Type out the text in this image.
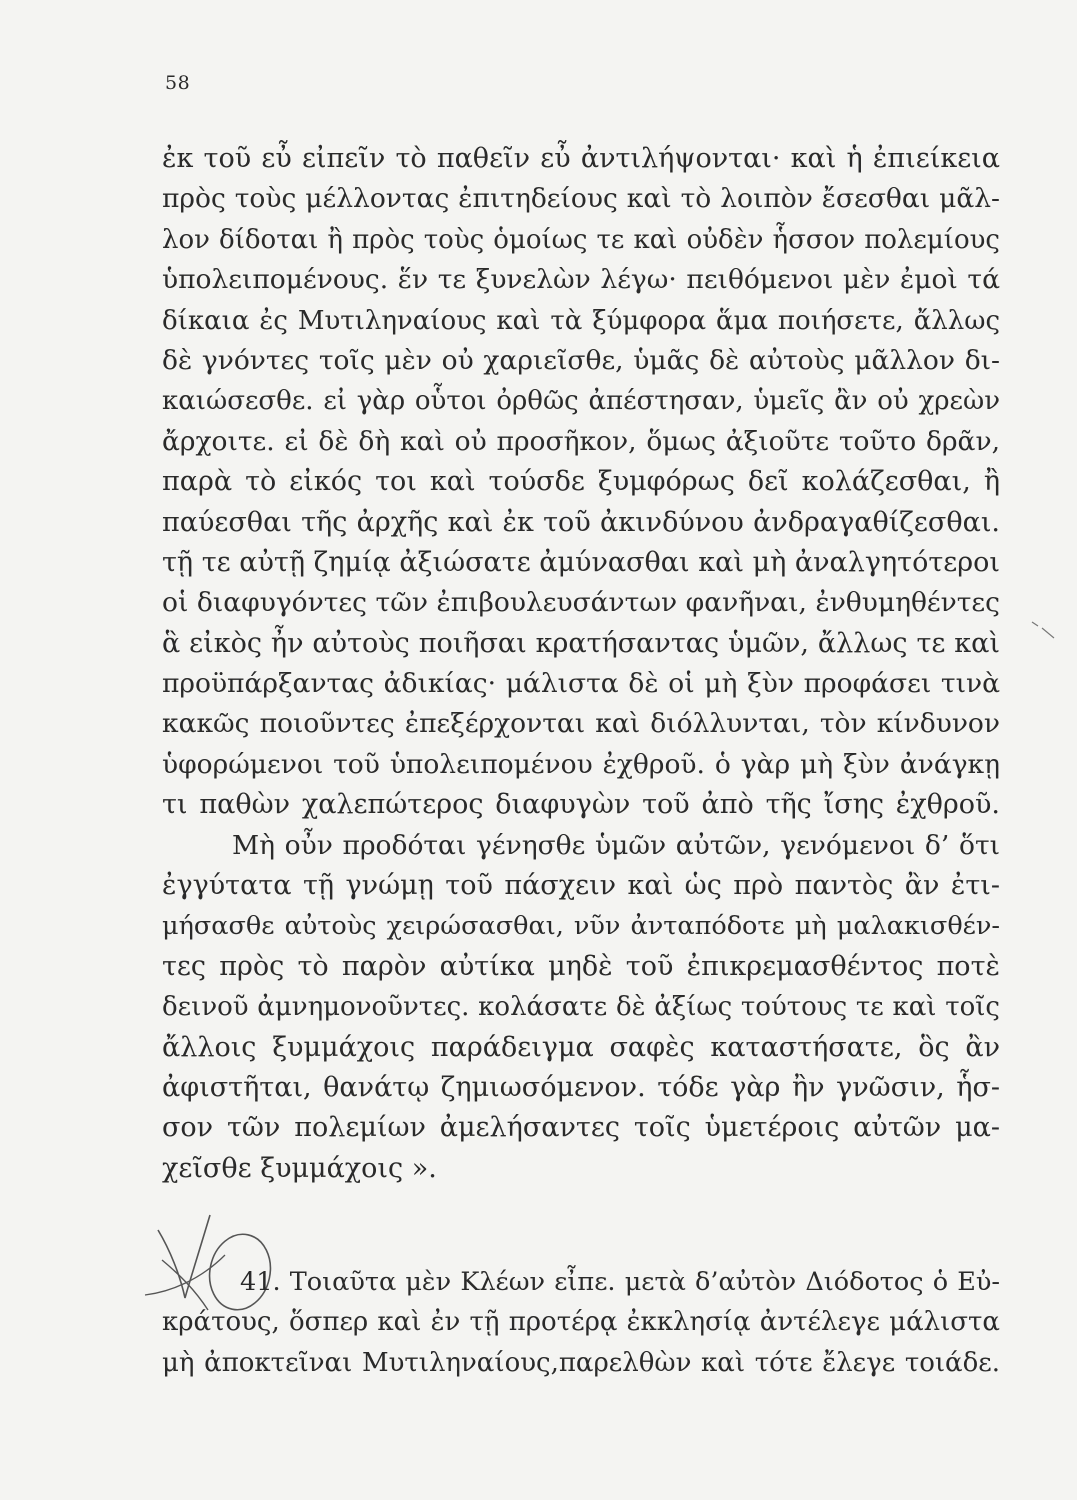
58
ἐκ τοῦ εὖ εἰπεῖν τὸ παθεῖν εὖ ἀντιλήψονται· καὶ ἡ ἐπιείκεια
πρὸς τοὺς μέλλοντας ἐπιτηδείους καὶ τὸ λοιπὸν ἔσεσθαι μᾶλ-
λον δίδοται ἢ πρὸς τοὺς ὁμοίως τε καὶ οὐδὲν ἧσσον πολεμίους
ὑπολειπομένους. ἕν τε ξυνελὼν λέγω· πειθόμενοι μὲν ἐμοὶ τά
δίκαια ἐς Μυτιληναίους καὶ τὰ ξύμφορα ἅμα ποιήσετε, ἄλλως
δὲ γνόντες τοῖς μὲν οὐ χαριεῖσθε, ὑμᾶς δὲ αὐτοὺς μᾶλλον δι-
καιώσεσθε. εἰ γὰρ οὗτοι ὀρθῶς ἀπέστησαν, ὑμεῖς ἂν οὐ χρεὼν
ἄρχοιτε. εἰ δὲ δὴ καὶ οὐ προσῆκον, ὅμως ἀξιοῦτε τοῦτο δρᾶν,
παρὰ τὸ εἰκός τοι καὶ τούσδε ξυμφόρως δεῖ κολάζεσθαι, ἢ
παύεσθαι τῆς ἀρχῆς καὶ ἐκ τοῦ ἀκινδύνου ἀνδραγαθίζεσθαι.
τῇ τε αὐτῇ ζημίᾳ ἀξιώσατε ἀμύνασθαι καὶ μὴ ἀναλγητότεροι
οἱ διαφυγόντες τῶν ἐπιβουλευσάντων φανῆναι, ἐνθυμηθέντες
ἃ εἰκὸς ἦν αὐτοὺς ποιῆσαι κρατήσαντας ὑμῶν, ἄλλως τε καὶ
προϋπάρξαντας ἀδικίας· μάλιστα δὲ οἱ μὴ ξὺν προφάσει τινὰ
κακῶς ποιοῦντες ἐπεξέρχονται καὶ διόλλυνται, τὸν κίνδυνον
ὑφορώμενοι τοῦ ὑπολειπομένου ἐχθροῦ. ὁ γὰρ μὴ ξὺν ἀνάγκῃ
τι παθὼν χαλεπώτερος διαφυγὼν τοῦ ἀπὸ τῆς ἴσης ἐχθροῦ.
Μὴ οὖν προδόται γένησθε ὑμῶν αὐτῶν, γενόμενοι δ’ ὅτι
ἐγγύτατα τῇ γνώμῃ τοῦ πάσχειν καὶ ὡς πρὸ παντὸς ἂν ἐτι-
μήσασθε αὐτοὺς χειρώσασθαι, νῦν ἀνταπόδοτε μὴ μαλακισθέν-
τες πρὸς τὸ παρὸν αὐτίκα μηδὲ τοῦ ἐπικρεμασθέντος ποτὲ
δεινοῦ ἀμνημονοῦντες. κολάσατε δὲ ἀξίως τούτους τε καὶ τοῖς
ἄλλοις ξυμμάχοις παράδειγμα σαφὲς καταστήσατε, ὃς ἂν
ἀφιστῆται, θανάτῳ ζημιωσόμενον. τόδε γὰρ ἢν γνῶσιν, ἧσ-
σον τῶν πολεμίων ἀμελήσαντες τοῖς ὑμετέροις αὐτῶν μα-
χεῖσθε ξυμμάχοις ».
41. Τοιαῦτα μὲν Κλέων εἶπε. μετὰ δ’αὐτὸν Διόδοτος ὁ Εὐ-
κράτους, ὅσπερ καὶ ἐν τῇ προτέρᾳ ἐκκλησίᾳ ἀντέλεγε μάλιστα
μὴ ἀποκτεῖναι Μυτιληναίους,παρελθὼν καὶ τότε ἔλεγε τοιάδε.
